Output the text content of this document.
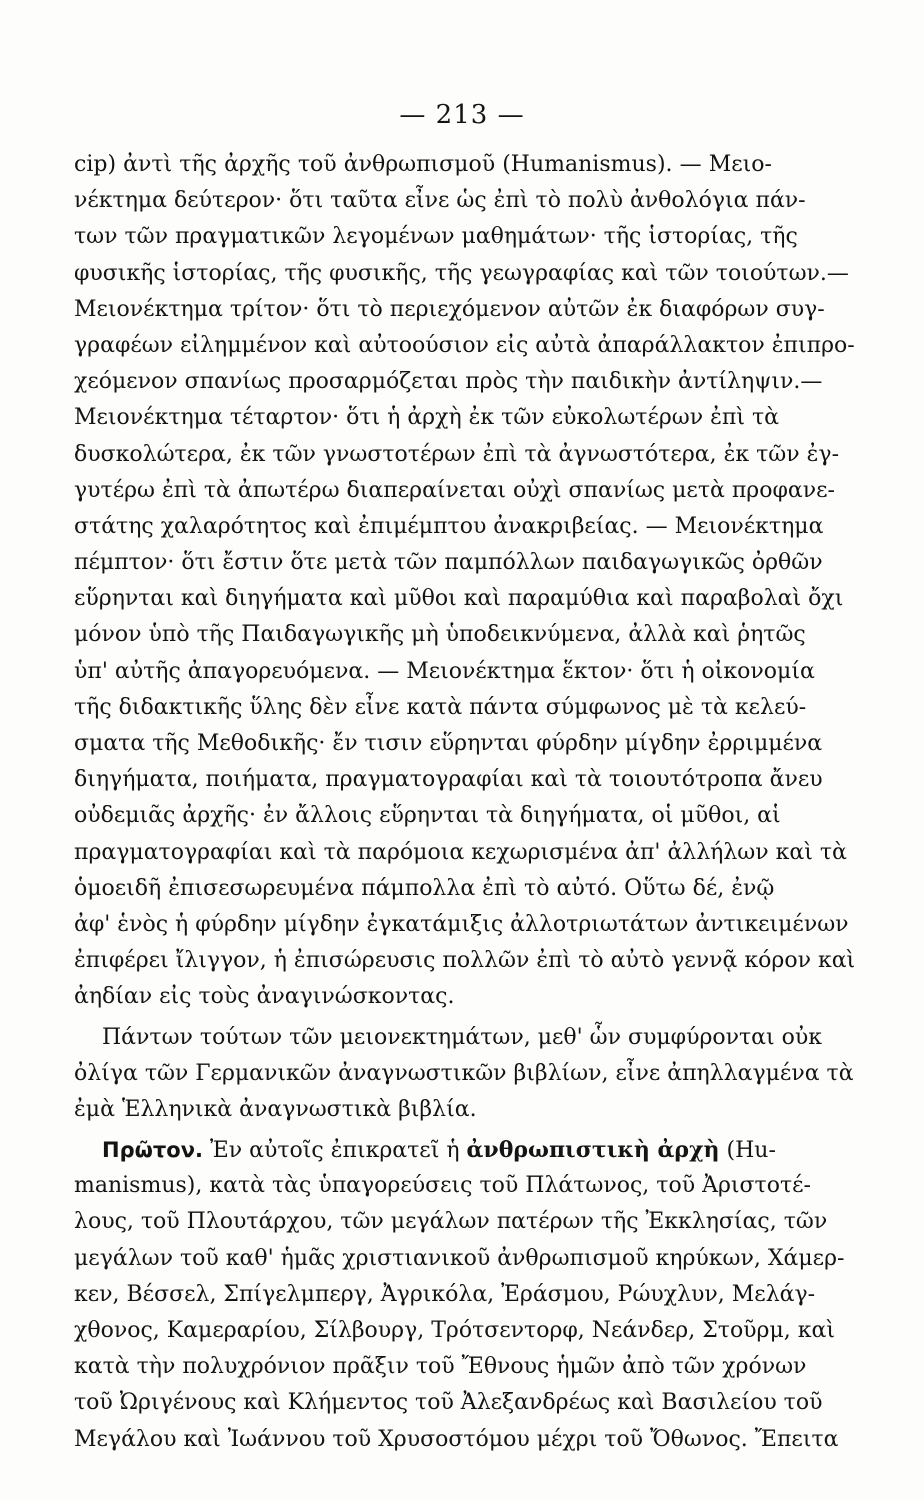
— 213 —
cip) ἀντὶ τῆς ἀρχῆς τοῦ ἀνθρωπισμοῦ (Humanismus). — Μειο-
νέκτημα δεύτερον· ὅτι ταῦτα εἶνε ὡς ἐπὶ τὸ πολὺ ἀνθολόγια πάν-
των τῶν πραγματικῶν λεγομένων μαθημάτων· τῆς ἱστορίας, τῆς
φυσικῆς ἱστορίας, τῆς φυσικῆς, τῆς γεωγραφίας καὶ τῶν τοιούτων.—
Μειονέκτημα τρίτον· ὅτι τὸ περιεχόμενον αὐτῶν ἐκ διαφόρων συγ-
γραφέων εἰλημμένον καὶ αὐτοούσιον εἰς αὐτὰ ἀπαράλλακτον ἐπιπρο-
χεόμενον σπανίως προσαρμόζεται πρὸς τὴν παιδικὴν ἀντίληψιν.—
Μειονέκτημα τέταρτον· ὅτι ἡ ἀρχὴ ἐκ τῶν εὐκολωτέρων ἐπὶ τὰ
δυσκολώτερα, ἐκ τῶν γνωστοτέρων ἐπὶ τὰ ἀγνωστότερα, ἐκ τῶν ἐγ-
γυτέρω ἐπὶ τὰ ἀπωτέρω διαπεραίνεται οὐχὶ σπανίως μετὰ προφανε-
στάτης χαλαρότητος καὶ ἐπιμέμπτου ἀνακριβείας. — Μειονέκτημα
πέμπτον· ὅτι ἔστιν ὅτε μετὰ τῶν παμπόλλων παιδαγωγικῶς ὀρθῶν
εὕρηνται καὶ διηγήματα καὶ μῦθοι καὶ παραμύθια καὶ παραβολαὶ ὄχι
μόνον ὑπὸ τῆς Παιδαγωγικῆς μὴ ὑποδεικνύμενα, ἀλλὰ καὶ ῥητῶς
ὑπ' αὐτῆς ἀπαγορευόμενα. — Μειονέκτημα ἕκτον· ὅτι ἡ οἰκονομία
τῆς διδακτικῆς ὕλης δὲν εἶνε κατὰ πάντα σύμφωνος μὲ τὰ κελεύ-
σματα τῆς Μεθοδικῆς· ἔν τισιν εὕρηνται φύρδην μίγδην ἐρριμμένα
διηγήματα, ποιήματα, πραγματογραφίαι καὶ τὰ τοιουτότροπα ἄνευ
οὐδεμιᾶς ἀρχῆς· ἐν ἄλλοις εὕρηνται τὰ διηγήματα, οἱ μῦθοι, αἱ
πραγματογραφίαι καὶ τὰ παρόμοια κεχωρισμένα ἀπ' ἀλλήλων καὶ τὰ
ὁμοειδῆ ἐπισεσωρευμένα πάμπολλα ἐπὶ τὸ αὐτό. Οὕτω δέ, ἐνῷ
ἀφ' ἑνὸς ἡ φύρδην μίγδην ἐγκατάμιξις ἀλλοτριωτάτων ἀντικειμένων
ἐπιφέρει ἴλιγγον, ἡ ἐπισώρευσις πολλῶν ἐπὶ τὸ αὐτὸ γεννᾷ κόρον καὶ
ἀηδίαν εἰς τοὺς ἀναγινώσκοντας.
Πάντων τούτων τῶν μειονεκτημάτων, μεθ' ὧν συμφύρονται οὐκ
ὀλίγα τῶν Γερμανικῶν ἀναγνωστικῶν βιβλίων, εἶνε ἀπηλλαγμένα τὰ
ἐμὰ Ἑλληνικὰ ἀναγνωστικὰ βιβλία.
Πρῶτον. Ἐν αὐτοῖς ἐπικρατεῖ ἡ ἀνθρωπιστικὴ ἀρχὴ (Hu-
manismus), κατὰ τὰς ὑπαγορεύσεις τοῦ Πλάτωνος, τοῦ Ἀριστοτέ-
λους, τοῦ Πλουτάρχου, τῶν μεγάλων πατέρων τῆς Ἐκκλησίας, τῶν
μεγάλων τοῦ καθ' ἡμᾶς χριστιανικοῦ ἀνθρωπισμοῦ κηρύκων, Χάμερ-
κεν, Βέσσελ, Σπίγελμπεργ, Ἀγρικόλα, Ἐράσμου, Ρώυχλυν, Μελάγ-
χθονος, Καμεραρίου, Σίλβουργ, Τρότσεντορφ, Νεάνδερ, Στοῦρμ, καὶ
κατὰ τὴν πολυχρόνιον πρᾶξιν τοῦ Ἔθνους ἡμῶν ἀπὸ τῶν χρόνων
τοῦ Ὠριγένους καὶ Κλήμεντος τοῦ Ἀλεξανδρέως καὶ Βασιλείου τοῦ
Μεγάλου καὶ Ἰωάννου τοῦ Χρυσοστόμου μέχρι τοῦ Ὄθωνος. Ἔπειτα
